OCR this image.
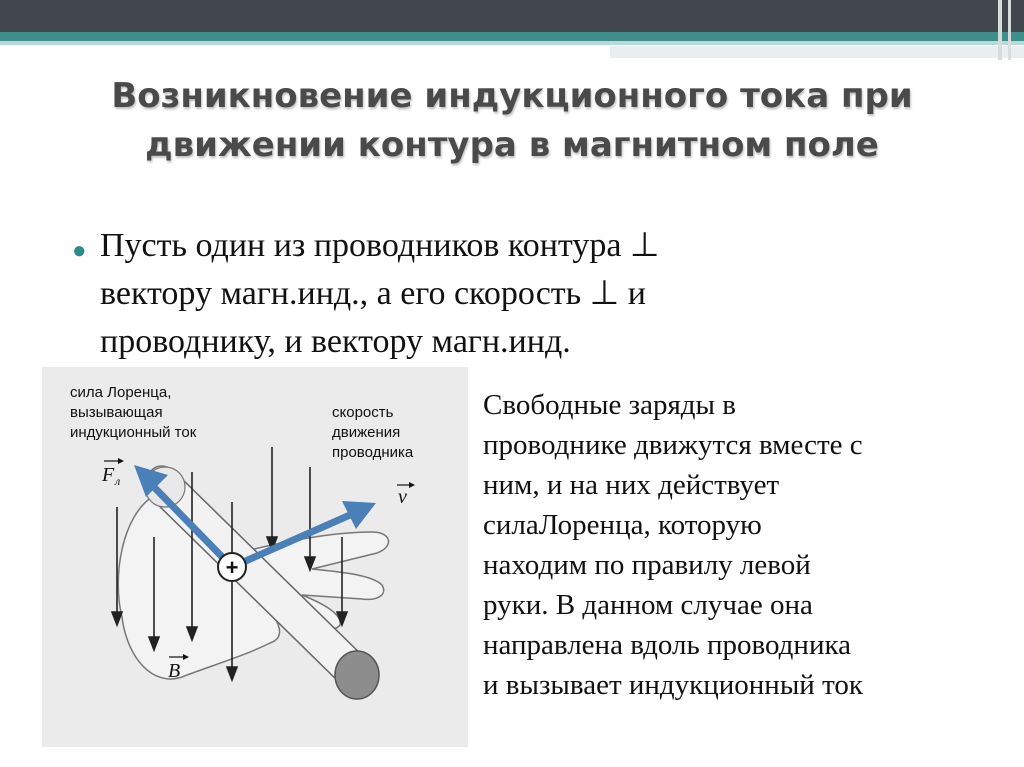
Возникновение индукционного тока при
движении контура в магнитном поле
● Пусть один из проводников контура ⊥
вектору магн.инд., а его скорость ⊥ и
проводнику, и вектору магн.инд.
сила Лоренца, вызывающая индукционный ток
скорость движения проводника
+
F л
v
B
Свободные заряды в
проводнике движутся вместе с
ним, и на них действует
силаЛоренца, которую
находим по правилу левой
руки. В данном случае она
направлена вдоль проводника
и вызывает индукционный ток
